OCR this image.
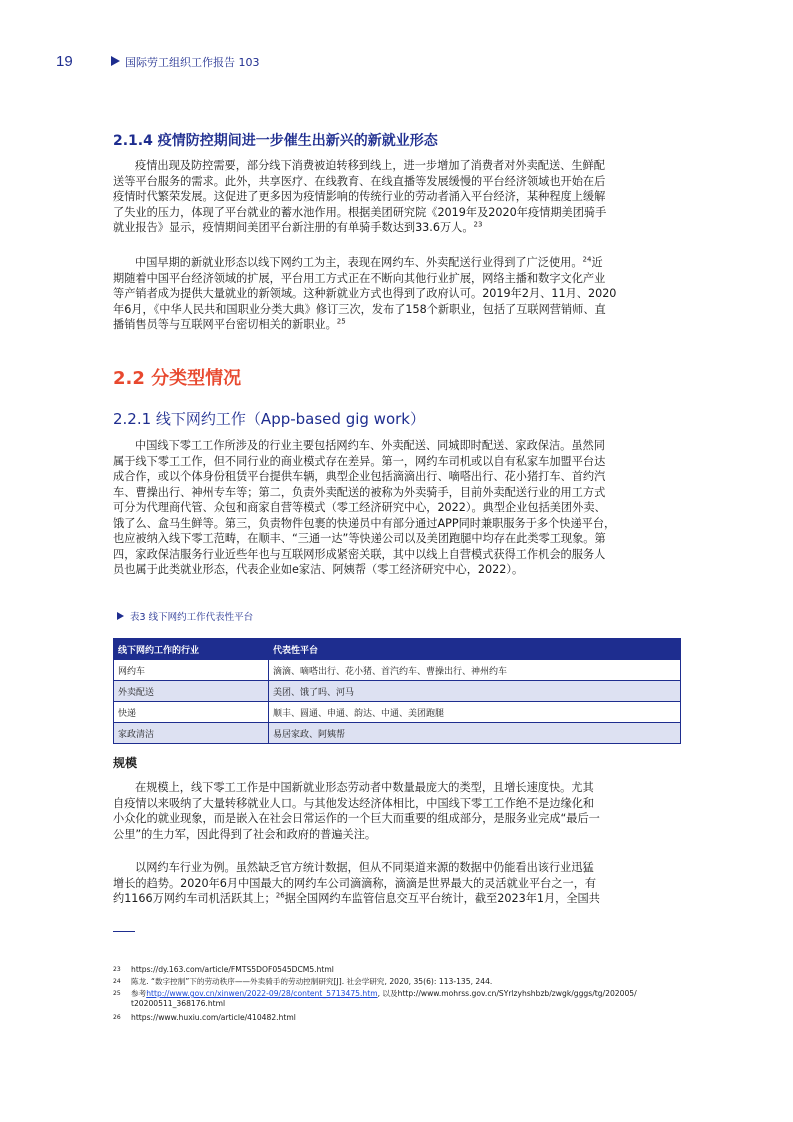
19	国际劳工组织工作报告 103
2.1.4 疫情防控期间进一步催生出新兴的新就业形态
疫情出现及防控需要，部分线下消费被迫转移到线上，进一步增加了消费者对外卖配送、生鲜配
送等平台服务的需求。此外，共享医疗、在线教育、在线直播等发展缓慢的平台经济领域也开始在后
疫情时代繁荣发展。这促进了更多因为疫情影响的传统行业的劳动者涌入平台经济，某种程度上缓解
了失业的压力，体现了平台就业的蓄水池作用。根据美团研究院《2019年及2020年疫情期美团骑手
就业报告》显示，疫情期间美团平台新注册的有单骑手数达到33.6万人。$^{23}$
中国早期的新就业形态以线下网约工为主，表现在网约车、外卖配送行业得到了广泛使用。$^{24}$近
期随着中国平台经济领域的扩展，平台用工方式正在不断向其他行业扩展，网络主播和数字文化产业
等产销者成为提供大量就业的新领域。这种新就业方式也得到了政府认可。2019年2月、11月、2020
年6月，《中华人民共和国职业分类大典》修订三次，发布了158个新职业，包括了互联网营销师、直
播销售员等与互联网平台密切相关的新职业。$^{25}$
2.2 分类型情况
2.2.1 线下网约工作（App-based gig work）
中国线下零工工作所涉及的行业主要包括网约车、外卖配送、同城即时配送、家政保洁。虽然同
属于线下零工工作，但不同行业的商业模式存在差异。第一，网约车司机或以自有私家车加盟平台达
成合作，或以个体身份租赁平台提供车辆，典型企业包括滴滴出行、嘀嗒出行、花小猪打车、首约汽
车、曹操出行、神州专车等；第二，负责外卖配送的被称为外卖骑手，目前外卖配送行业的用工方式
可分为代理商代管、众包和商家自营等模式（零工经济研究中心，2022）。典型企业包括美团外卖、
饿了么、盒马生鲜等。第三，负责物件包裹的快递员中有部分通过APP同时兼职服务于多个快递平台，
也应被纳入线下零工范畴，在顺丰、“三通一达”等快递公司以及美团跑腿中均存在此类零工现象。第
四，家政保洁服务行业近些年也与互联网形成紧密关联，其中以线上自营模式获得工作机会的服务人
员也属于此类就业形态，代表企业如e家洁、阿姨帮（零工经济研究中心，2022）。
表3 线下网约工作代表性平台
线下网约工作的行业	代表性平台
网约车	滴滴、嘀嗒出行、花小猪、首汽约车、曹操出行、神州约车
外卖配送	美团、饿了吗、河马
快递	顺丰、圆通、申通、韵达、中通、美团跑腿
家政清洁	易居家政、阿姨帮
规模
在规模上，线下零工工作是中国新就业形态劳动者中数量最庞大的类型，且增长速度快。尤其
自疫情以来吸纳了大量转移就业人口。与其他发达经济体相比，中国线下零工工作绝不是边缘化和
小众化的就业现象，而是嵌入在社会日常运作的一个巨大而重要的组成部分，是服务业完成“最后一
公里”的生力军，因此得到了社会和政府的普遍关注。
以网约车行业为例。虽然缺乏官方统计数据，但从不同渠道来源的数据中仍能看出该行业迅猛
增长的趋势。2020年6月中国最大的网约车公司滴滴称，滴滴是世界最大的灵活就业平台之一，有
约1166万网约车司机活跃其上；$^{26}$据全国网约车监管信息交互平台统计，截至2023年1月，全国共
23 https://dy.163.com/article/FMTS5DOF0545DCM5.html
24 陈龙. “数字控制”下的劳动秩序——外卖骑手的劳动控制研究[J]. 社会学研究, 2020, 35(6): 113-135, 244.
25 参考http://www.gov.cn/xinwen/2022-09/28/content_5713475.htm, 以及http://www.mohrss.gov.cn/SYrlzyhshbzb/zwgk/gggs/tg/202005/
t20200511_368176.html
26 https://www.huxiu.com/article/410482.html
